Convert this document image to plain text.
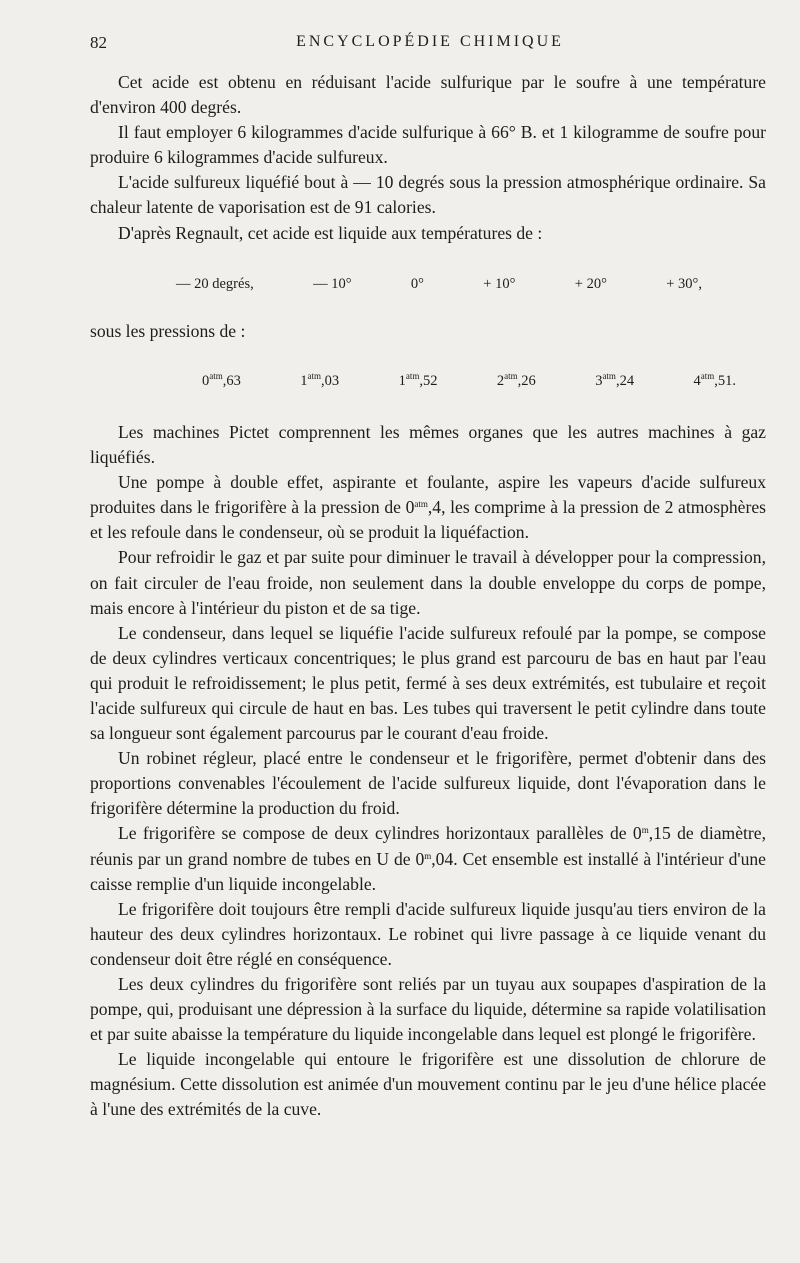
82	ENCYCLOPÉDIE CHIMIQUE

Cet acide est obtenu en réduisant l'acide sulfurique par le soufre à une température d'environ 400 degrés.

Il faut employer 6 kilogrammes d'acide sulfurique à 66° B. et 1 kilogramme de soufre pour produire 6 kilogrammes d'acide sulfureux.

L'acide sulfureux liquéfié bout à — 10 degrés sous la pression atmosphérique ordinaire. Sa chaleur latente de vaporisation est de 91 calories.

D'après Regnault, cet acide est liquide aux températures de :

— 20 degrés,	— 10°	0°	+ 10°	+ 20°	+ 30°,

sous les pressions de :

$0^{atm},63$	$1^{atm},03$	$1^{atm},52$	$2^{atm},26$	$3^{atm},24$	$4^{atm},51$.

Les machines Pictet comprennent les mêmes organes que les autres machines à gaz liquéfiés.

Une pompe à double effet, aspirante et foulante, aspire les vapeurs d'acide sulfureux produites dans le frigorifère à la pression de $0^{atm},4$, les comprime à la pression de 2 atmosphères et les refoule dans le condenseur, où se produit la liquéfaction.

Pour refroidir le gaz et par suite pour diminuer le travail à développer pour la compression, on fait circuler de l'eau froide, non seulement dans la double enveloppe du corps de pompe, mais encore à l'intérieur du piston et de sa tige.

Le condenseur, dans lequel se liquéfie l'acide sulfureux refoulé par la pompe, se compose de deux cylindres verticaux concentriques; le plus grand est parcouru de bas en haut par l'eau qui produit le refroidissement; le plus petit, fermé à ses deux extrémités, est tubulaire et reçoit l'acide sulfureux qui circule de haut en bas. Les tubes qui traversent le petit cylindre dans toute sa longueur sont également parcourus par le courant d'eau froide.

Un robinet régleur, placé entre le condenseur et le frigorifère, permet d'obtenir dans des proportions convenables l'écoulement de l'acide sulfureux liquide, dont l'évaporation dans le frigorifère détermine la production du froid.

Le frigorifère se compose de deux cylindres horizontaux parallèles de 0$^m$,15 de diamètre, réunis par un grand nombre de tubes en U de 0$^m$,04. Cet ensemble est installé à l'intérieur d'une caisse remplie d'un liquide incongelable.

Le frigorifère doit toujours être rempli d'acide sulfureux liquide jusqu'au tiers environ de la hauteur des deux cylindres horizontaux. Le robinet qui livre passage à ce liquide venant du condenseur doit être réglé en conséquence.

Les deux cylindres du frigorifère sont reliés par un tuyau aux soupapes d'aspiration de la pompe, qui, produisant une dépression à la surface du liquide, détermine sa rapide volatilisation et par suite abaisse la température du liquide incongelable dans lequel est plongé le frigorifère.

Le liquide incongelable qui entoure le frigorifère est une dissolution de chlorure de magnésium. Cette dissolution est animée d'un mouvement continu par le jeu d'une hélice placée à l'une des extrémités de la cuve.
